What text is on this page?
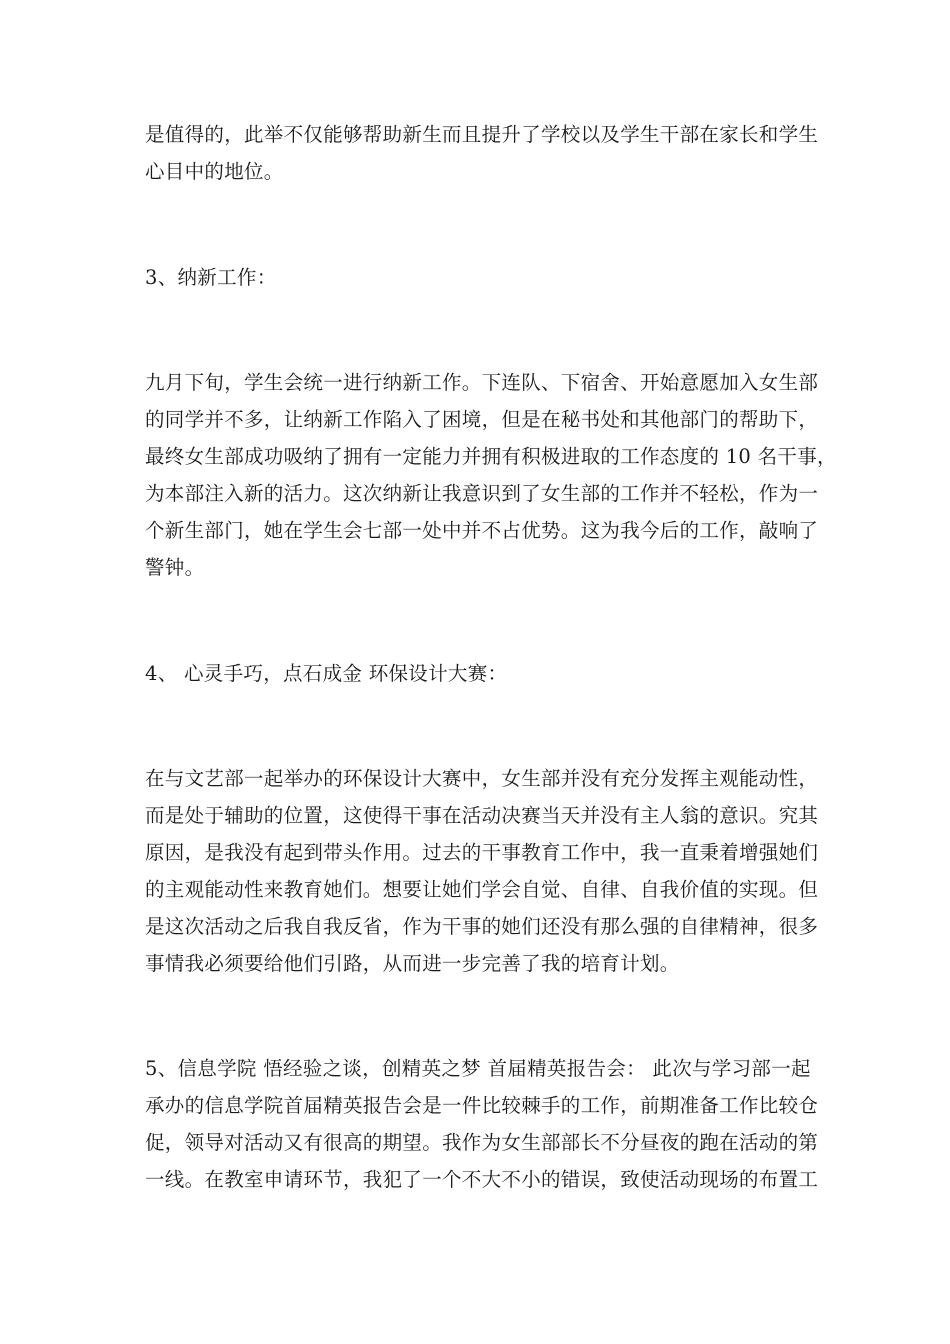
是值得的，此举不仅能够帮助新生而且提升了学校以及学生干部在家长和学生
心目中的地位。
3、纳新工作：
九月下旬，学生会统一进行纳新工作。下连队、下宿舍、开始意愿加入女生部
的同学并不多，让纳新工作陷入了困境，但是在秘书处和其他部门的帮助下，
最终女生部成功吸纳了拥有一定能力并拥有积极进取的工作态度的 10 名干事，
为本部注入新的活力。这次纳新让我意识到了女生部的工作并不轻松，作为一
个新生部门，她在学生会七部一处中并不占优势。这为我今后的工作，敲响了
警钟。
4、 心灵手巧，点石成金 环保设计大赛：
在与文艺部一起举办的环保设计大赛中，女生部并没有充分发挥主观能动性，
而是处于辅助的位置，这使得干事在活动决赛当天并没有主人翁的意识。究其
原因，是我没有起到带头作用。过去的干事教育工作中，我一直秉着增强她们
的主观能动性来教育她们。想要让她们学会自觉、自律、自我价值的实现。但
是这次活动之后我自我反省，作为干事的她们还没有那么强的自律精神，很多
事情我必须要给他们引路，从而进一步完善了我的培育计划。
5、信息学院 悟经验之谈，创精英之梦 首届精英报告会： 此次与学习部一起
承办的信息学院首届精英报告会是一件比较棘手的工作，前期准备工作比较仓
促，领导对活动又有很高的期望。我作为女生部部长不分昼夜的跑在活动的第
一线。在教室申请环节，我犯了一个不大不小的错误，致使活动现场的布置工
